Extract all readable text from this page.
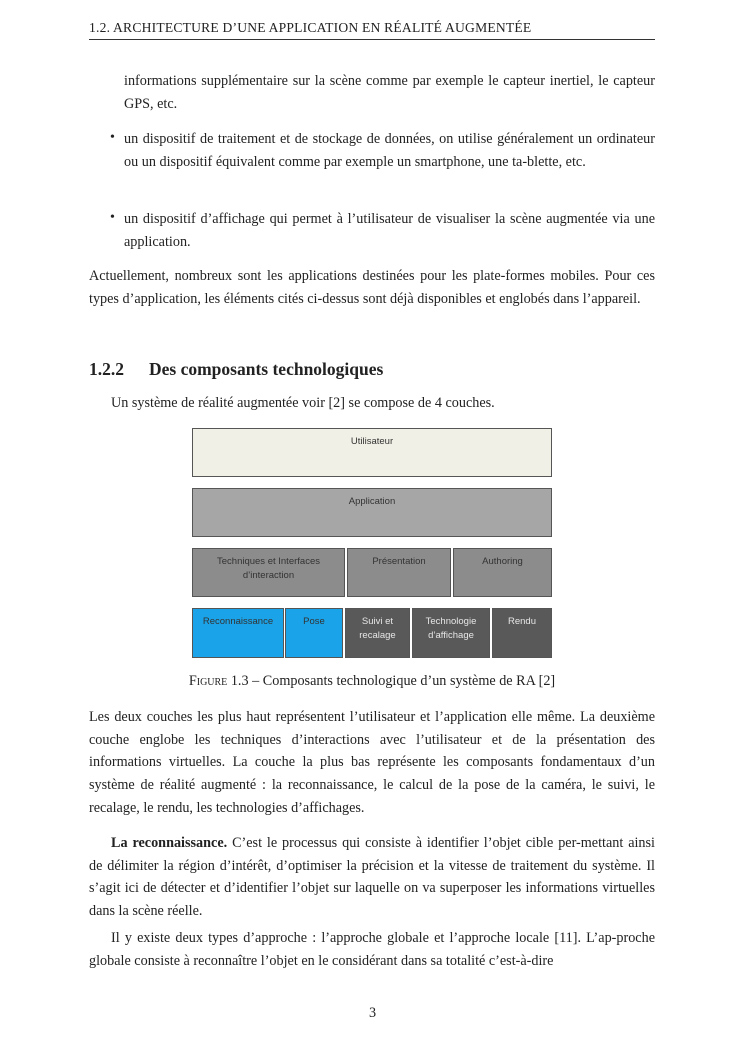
1.2. ARCHITECTURE D’UNE APPLICATION EN RÉALITÉ AUGMENTÉE
informations supplémentaire sur la scène comme par exemple le capteur inertiel, le capteur GPS, etc.
• un dispositif de traitement et de stockage de données, on utilise généralement un ordinateur ou un dispositif équivalent comme par exemple un smartphone, une ta-blette, etc.
• un dispositif d’affichage qui permet à l’utilisateur de visualiser la scène augmentée via une application.
Actuellement, nombreux sont les applications destinées pour les plate-formes mobiles. Pour ces types d’application, les éléments cités ci-dessus sont déjà disponibles et englobés dans l’appareil.
1.2.2 Des composants technologiques
Un système de réalité augmentée voir [2] se compose de 4 couches.
Utilisateur
Application
Techniques et Interfaces
d’interaction
Présentation	Authoring
Reconnaissance	Pose	Suivi et
recalage
Technologie
d’affichage
Rendu
Figure 1.3 – Composants technologique d’un système de RA [2]
Les deux couches les plus haut représentent l’utilisateur et l’application elle même. La deuxième couche englobe les techniques d’interactions avec l’utilisateur et de la présentation des informations virtuelles. La couche la plus bas représente les composants fondamentaux d’un système de réalité augmenté : la reconnaissance, le calcul de la pose de la caméra, le suivi, le recalage, le rendu, les technologies d’affichages.
La reconnaissance. C’est le processus qui consiste à identifier l’objet cible per-mettant ainsi de délimiter la région d’intérêt, d’optimiser la précision et la vitesse de traitement du système. Il s’agit ici de détecter et d’identifier l’objet sur laquelle on va superposer les informations virtuelles dans la scène réelle.
Il y existe deux types d’approche : l’approche globale et l’approche locale [11]. L’ap-proche globale consiste à reconnaître l’objet en le considérant dans sa totalité c’est-à-dire
3
